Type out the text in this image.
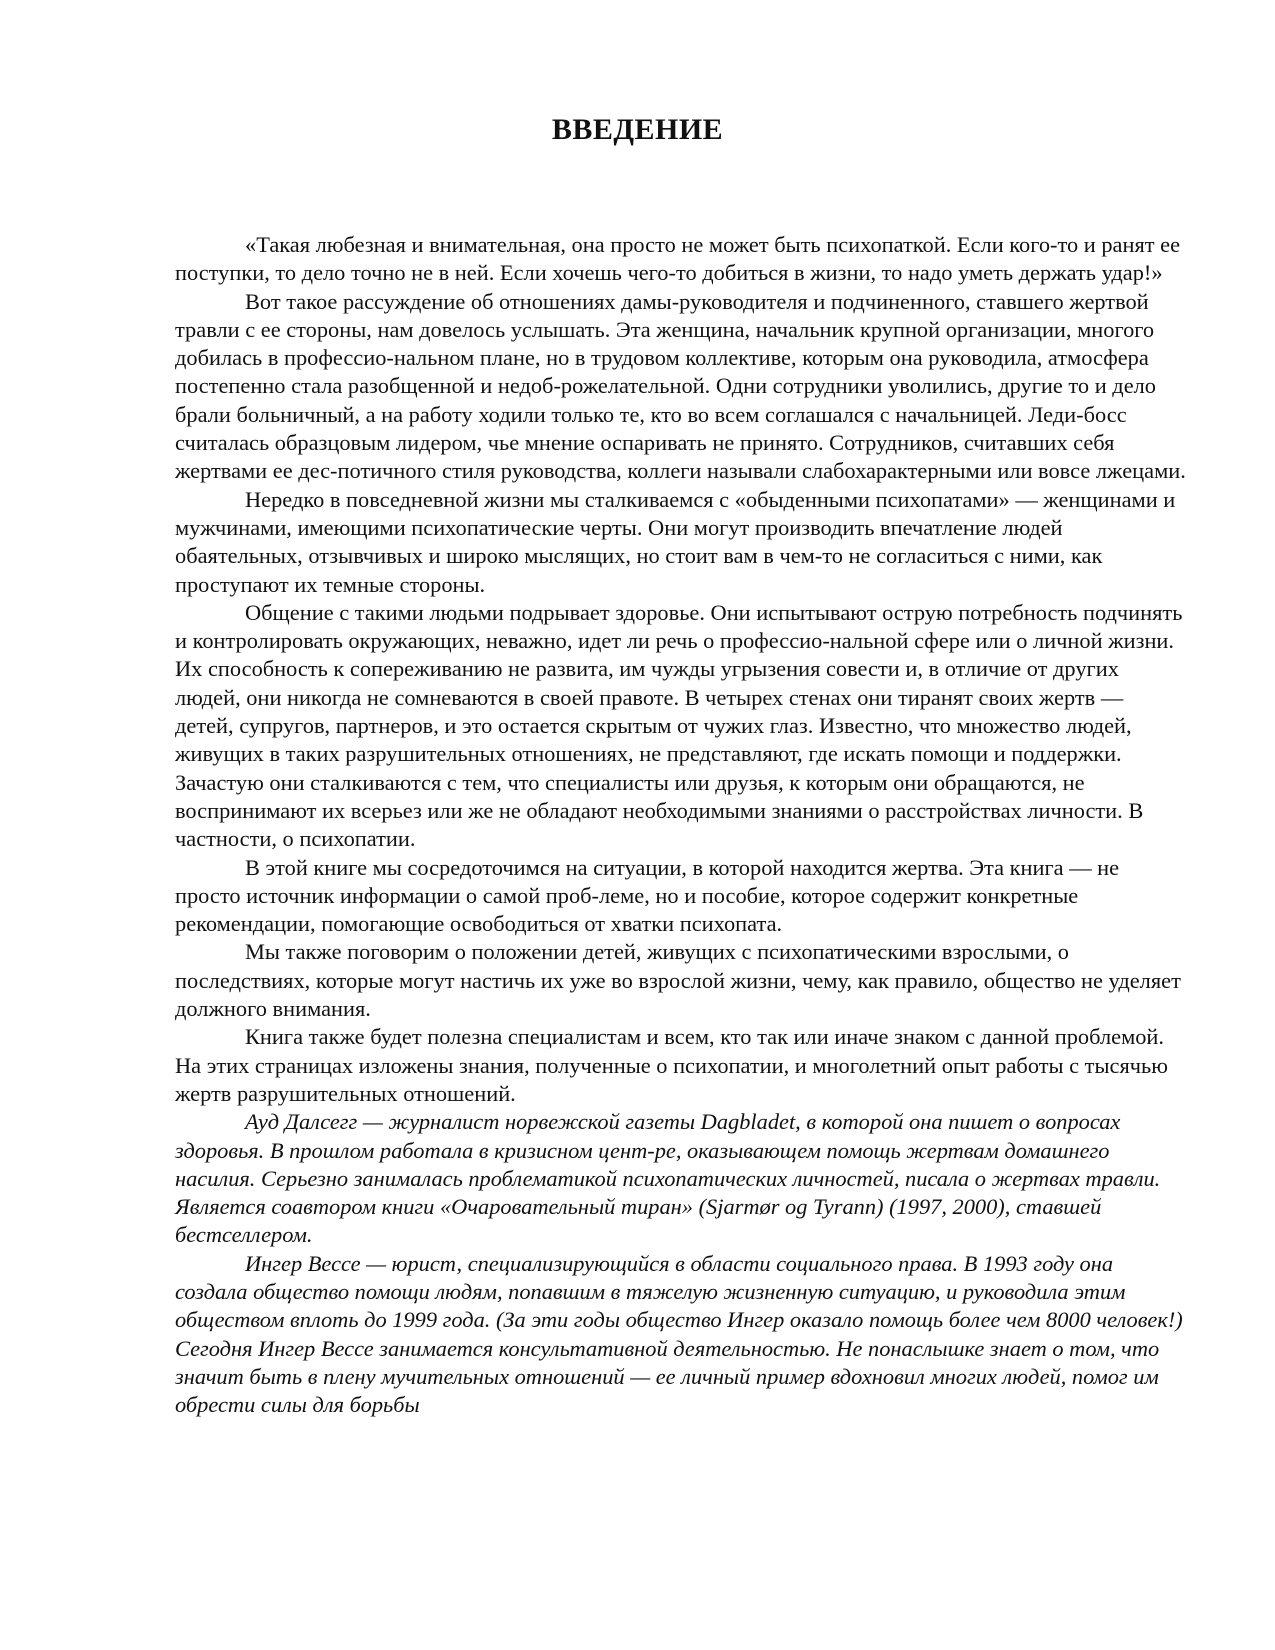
ВВЕДЕНИЕ

«Такая любезная и внимательная, она просто не может быть психопаткой. Если кого-то и ранят ее поступки, то дело точно не в ней. Если хочешь чего-то добиться в жизни, то надо уметь держать удар!»

Вот такое рассуждение об отношениях дамы-руководителя и подчиненного, ставшего жертвой травли с ее стороны, нам довелось услышать. Эта женщина, начальник крупной организации, многого добилась в профессио-нальном плане, но в трудовом коллективе, которым она руководила, атмосфера постепенно стала разобщенной и недоб-рожелательной. Одни сотрудники уволились, другие то и дело брали больничный, а на работу ходили только те, кто во всем соглашался с начальницей. Леди-босс считалась образцовым лидером, чье мнение оспаривать не принято. Сотрудников, считавших себя жертвами ее дес-потичного стиля руководства, коллеги называли слабохарактерными или вовсе лжецами.

Нередко в повседневной жизни мы сталкиваемся с «обыденными психопатами» — женщинами и мужчинами, имеющими психопатические черты. Они могут производить впечатление людей обаятельных, отзывчивых и широко мыслящих, но стоит вам в чем-то не согласиться с ними, как проступают их темные стороны.

Общение с такими людьми подрывает здоровье. Они испытывают острую потребность подчинять и контролировать окружающих, неважно, идет ли речь о профессио-нальной сфере или о личной жизни. Их способность к сопереживанию не развита, им чужды угрызения совести и, в отличие от других людей, они никогда не сомневаются в своей правоте. В четырех стенах они тиранят своих жертв — детей, супругов, партнеров, и это остается скрытым от чужих глаз. Известно, что множество людей, живущих в таких разрушительных отношениях, не представляют, где искать помощи и поддержки. Зачастую они сталкиваются с тем, что специалисты или друзья, к которым они обращаются, не воспринимают их всерьез или же не обладают необходимыми знаниями о расстройствах личности. В частности, о психопатии.

В этой книге мы сосредоточимся на ситуации, в которой находится жертва. Эта книга — не просто источник информации о самой проб-леме, но и пособие, которое содержит конкретные рекомендации, помогающие освободиться от хватки психопата.

Мы также поговорим о положении детей, живущих с психопатическими взрослыми, о последствиях, которые могут настичь их уже во взрослой жизни, чему, как правило, общество не уделяет должного внимания.

Книга также будет полезна специалистам и всем, кто так или иначе знаком с данной проблемой. На этих страницах изложены знания, полученные о психопатии, и многолетний опыт работы с тысячью жертв разрушительных отношений.

Ауд Далсегг — журналист норвежской газеты Dagbladet, в которой она пишет о вопросах здоровья. В прошлом работала в кризисном цент-ре, оказывающем помощь жертвам домашнего насилия. Серьезно занималась проблематикой психопатических личностей, писала о жертвах травли. Является соавтором книги «Очаровательный тиран» (Sjarmør og Tyrann) (1997, 2000), ставшей бестселлером.

Ингер Вессе — юрист, специализирующийся в области социального права. В 1993 году она создала общество помощи людям, попавшим в тяжелую жизненную ситуацию, и руководила этим обществом вплоть до 1999 года. (За эти годы общество Ингер оказало помощь более чем 8000 человек!) Сегодня Ингер Вессе занимается консультативной деятельностью. Не понаслышке знает о том, что значит быть в плену мучительных отношений — ее личный пример вдохновил многих людей, помог им обрести силы для борьбы
